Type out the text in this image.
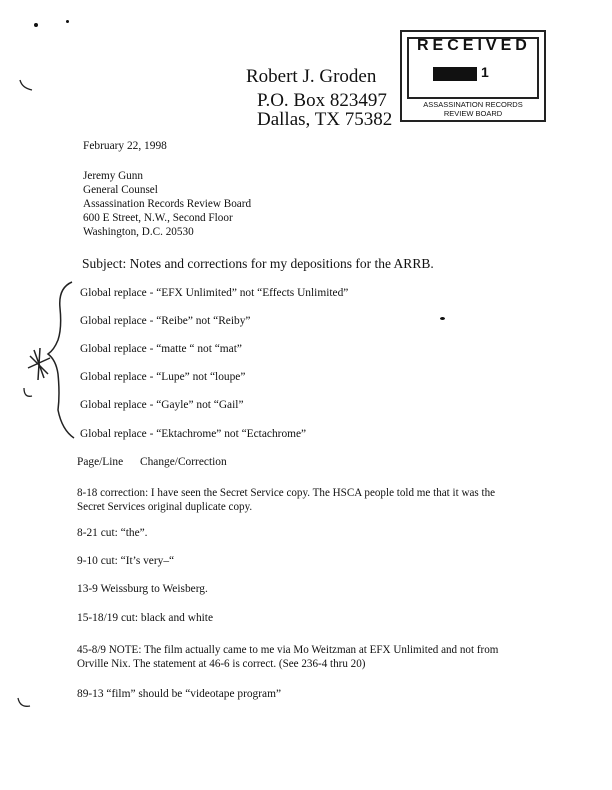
Robert J. Groden
P.O. Box 823497
Dallas, TX 75382
RECEIVED
1
ASSASSINATION RECORDS
REVIEW BOARD
February 22, 1998
Jeremy Gunn
General Counsel
Assassination Records Review Board
600 E Street, N.W., Second Floor
Washington, D.C. 20530
Subject: Notes and corrections for my depositions for the ARRB.
Global replace - “EFX Unlimited” not “Effects Unlimited”
Global replace - “Reibe” not “Reiby”
Global replace - “matte “ not “mat”
Global replace - “Lupe” not “loupe”
Global replace - “Gayle” not “Gail”
Global replace - “Ektachrome” not “Ectachrome”
Page/Line Change/Correction
8-18 correction: I have seen the Secret Service copy. The HSCA people told me that it was the
Secret Services original duplicate copy.
8-21 cut: “the”.
9-10 cut: “It’s very–“
13-9 Weissburg to Weisberg.
15-18/19 cut: black and white
45-8/9 NOTE: The film actually came to me via Mo Weitzman at EFX Unlimited and not from
Orville Nix. The statement at 46-6 is correct. (See 236-4 thru 20)
89-13 “film” should be “videotape program”
